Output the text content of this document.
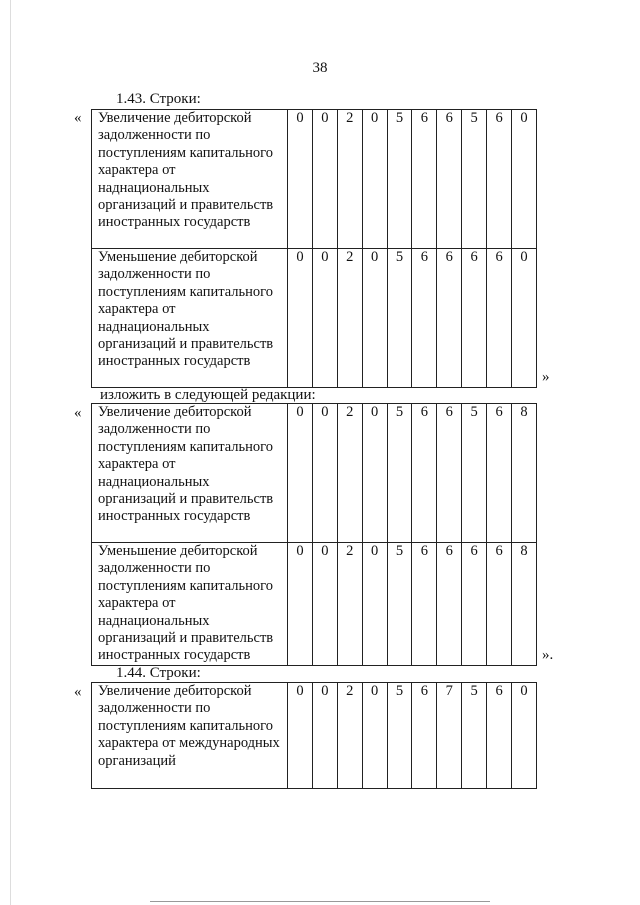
38
1.43. Строки:
« Увеличение дебиторской задолженности по поступлениям капитального характера от наднациональных организаций и правительств иностранных государств	0	0	2	0	5	6	6	5	6	0
Уменьшение дебиторской задолженности по поступлениям капитального характера от наднациональных организаций и правительств иностранных государств	0	0	2	0	5	6	6	6	6	0
»
изложить в следующей редакции:
« Увеличение дебиторской задолженности по поступлениям капитального характера от наднациональных организаций и правительств иностранных государств	0	0	2	0	5	6	6	5	6	8
Уменьшение дебиторской задолженности по поступлениям капитального характера от наднациональных организаций и правительств иностранных государств	0	0	2	0	5	6	6	6	6	8
».
1.44. Строки:
« Увеличение дебиторской задолженности по поступлениям капитального характера от международных организаций	0	0	2	0	5	6	7	5	6	0
